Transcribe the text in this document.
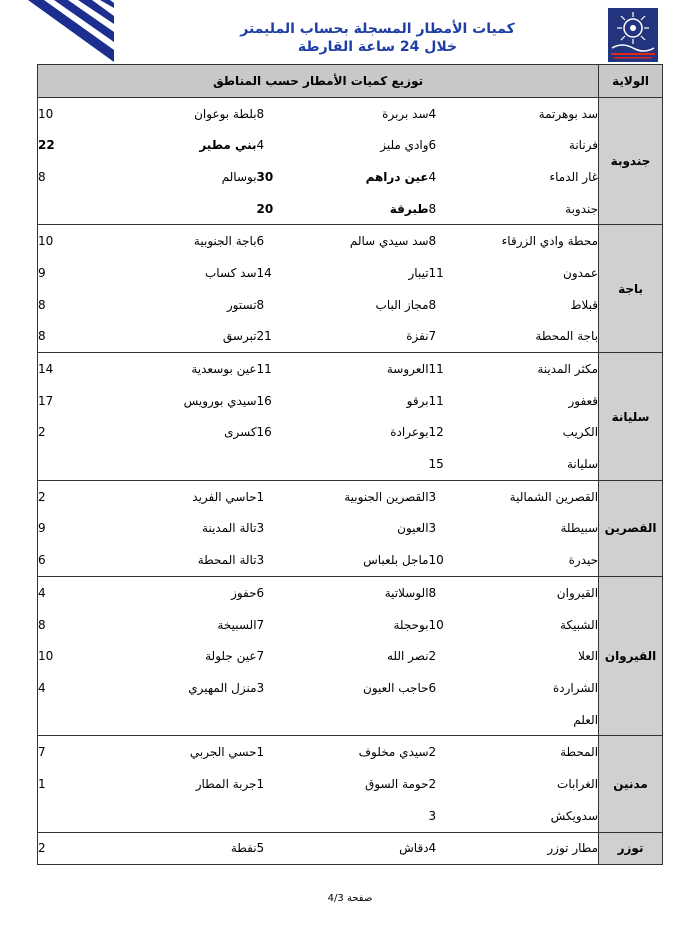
كميات الأمطار المسجلة بحساب المليمتر
خلال 24 ساعة القارطة
الولاية	توزيع كميات الأمطار حسب المناطق					
جندوبة	سد بوهرتمة	4	سد بربرة	8	بلطة بوعوان	10
	فرنانة	6	وادي مليز	4	بني مطير	22
	غار الدماء	4	عين دراهم	30	بوسالم	8
	جندوبة	8	طبرقة	20		
باجة	محطة وادي الزرقاء	8	سد سيدي سالم	6	باجة الجنوبية	10
	عمدون	11	تيبار	14	سد كساب	9
	قبلاط	8	مجاز الباب	8	تستور	8
	باجة المحطة	7	نفزة	21	تبرسق	8
سليانة	مكثر المدينة	11	العروسة	11	عين بوسعدية	14
	قعفور	11	برقو	16	سيدي بورويس	17
	الكريب	12	بوعرادة	16	كسرى	2
	سليانة	15				
القصرين	القصرين الشمالية	3	القصرين الجنوبية	1	حاسي الفريد	2
	سبيطلة	3	العيون	3	تالة المدينة	9
	حيدرة	10	ماجل بلعباس	3	تالة المحطة	6
القيروان	القيروان	8	الوسلاتية	6	حفوز	4
	الشبيكة	10	بوحجلة	7	السبيخة	8
	العلا	2	نصر الله	7	عين جلولة	10
	الشراردة	6	حاجب العيون	3	منزل المهيري	4
	العلم					
مدنين	المحطة	2	سيدي مخلوف	1	حسي الجربي	7
	الغرابات	2	حومة السوق	1	جربة المطار	1
	سدويكش	3				
توزر	مطار توزر	4	دقاش	5	نفطة	2
صفحة 4/3
